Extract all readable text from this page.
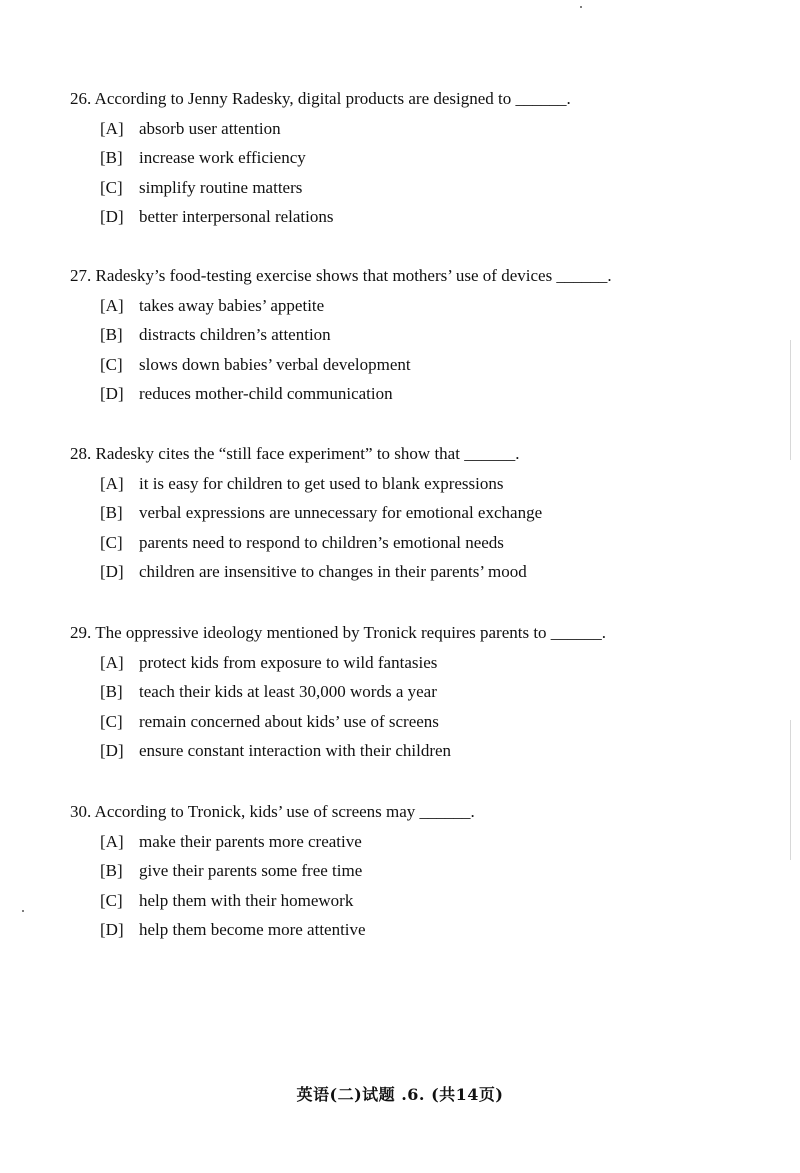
26. According to Jenny Radesky, digital products are designed to ______.
[A] absorb user attention
[B] increase work efficiency
[C] simplify routine matters
[D] better interpersonal relations
27. Radesky’s food-testing exercise shows that mothers’ use of devices ______.
[A] takes away babies’ appetite
[B] distracts children’s attention
[C] slows down babies’ verbal development
[D] reduces mother-child communication
28. Radesky cites the “still face experiment” to show that ______.
[A] it is easy for children to get used to blank expressions
[B] verbal expressions are unnecessary for emotional exchange
[C] parents need to respond to children’s emotional needs
[D] children are insensitive to changes in their parents’ mood
29. The oppressive ideology mentioned by Tronick requires parents to ______.
[A] protect kids from exposure to wild fantasies
[B] teach their kids at least 30,000 words a year
[C] remain concerned about kids’ use of screens
[D] ensure constant interaction with their children
30. According to Tronick, kids’ use of screens may ______.
[A] make their parents more creative
[B] give their parents some free time
[C] help them with their homework
[D] help them become more attentive
英语(二)试题 .6. (共14页)
